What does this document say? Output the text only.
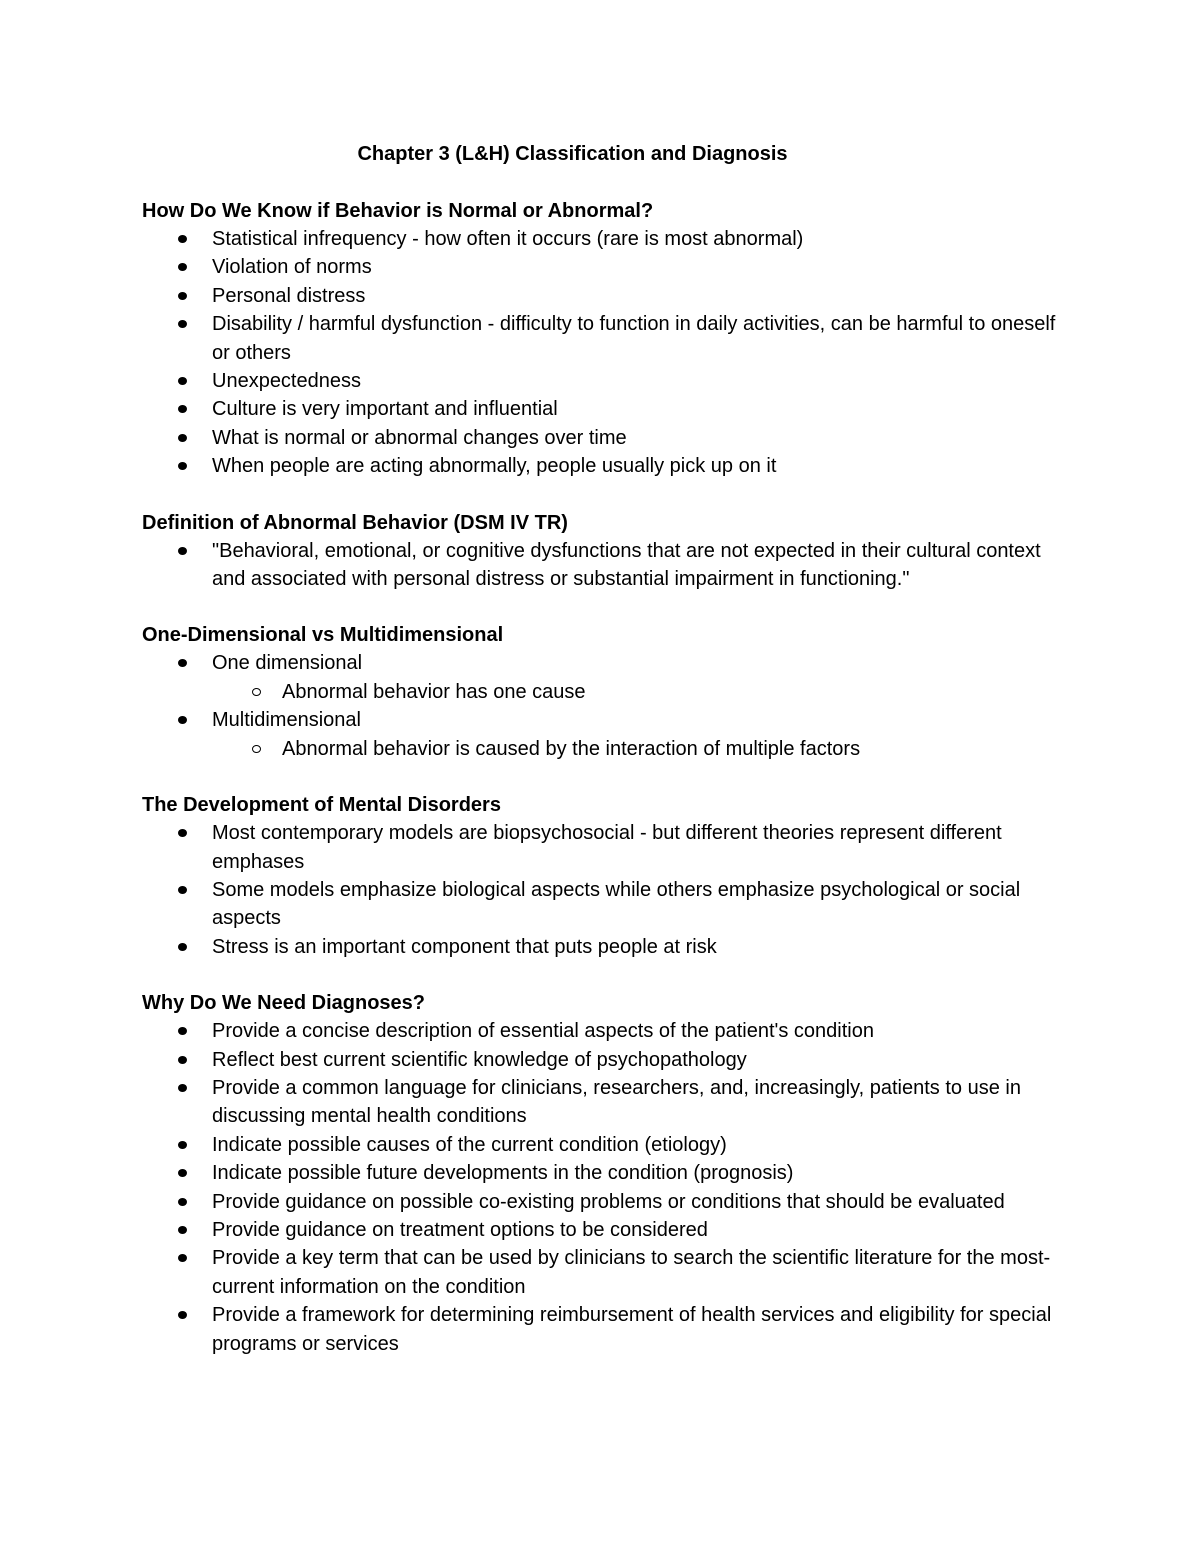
Chapter 3 (L&H) Classification and Diagnosis
How Do We Know if Behavior is Normal or Abnormal?
Statistical infrequency - how often it occurs (rare is most abnormal)
Violation of norms
Personal distress
Disability / harmful dysfunction - difficulty to function in daily activities, can be harmful to oneself or others
Unexpectedness
Culture is very important and influential
What is normal or abnormal changes over time
When people are acting abnormally, people usually pick up on it
Definition of Abnormal Behavior (DSM IV TR)
"Behavioral, emotional, or cognitive dysfunctions that are not expected in their cultural context and associated with personal distress or substantial impairment in functioning."
One-Dimensional vs Multidimensional
One dimensional
Abnormal behavior has one cause
Multidimensional
Abnormal behavior is caused by the interaction of multiple factors
The Development of Mental Disorders
Most contemporary models are biopsychosocial - but different theories represent different emphases
Some models emphasize biological aspects while others emphasize psychological or social aspects
Stress is an important component that puts people at risk
Why Do We Need Diagnoses?
Provide a concise description of essential aspects of the patient's condition
Reflect best current scientific knowledge of psychopathology
Provide a common language for clinicians, researchers, and, increasingly, patients to use in discussing mental health conditions
Indicate possible causes of the current condition (etiology)
Indicate possible future developments in the condition (prognosis)
Provide guidance on possible co-existing problems or conditions that should be evaluated
Provide guidance on treatment options to be considered
Provide a key term that can be used by clinicians to search the scientific literature for the most-current information on the condition
Provide a framework for determining reimbursement of health services and eligibility for special programs or services
